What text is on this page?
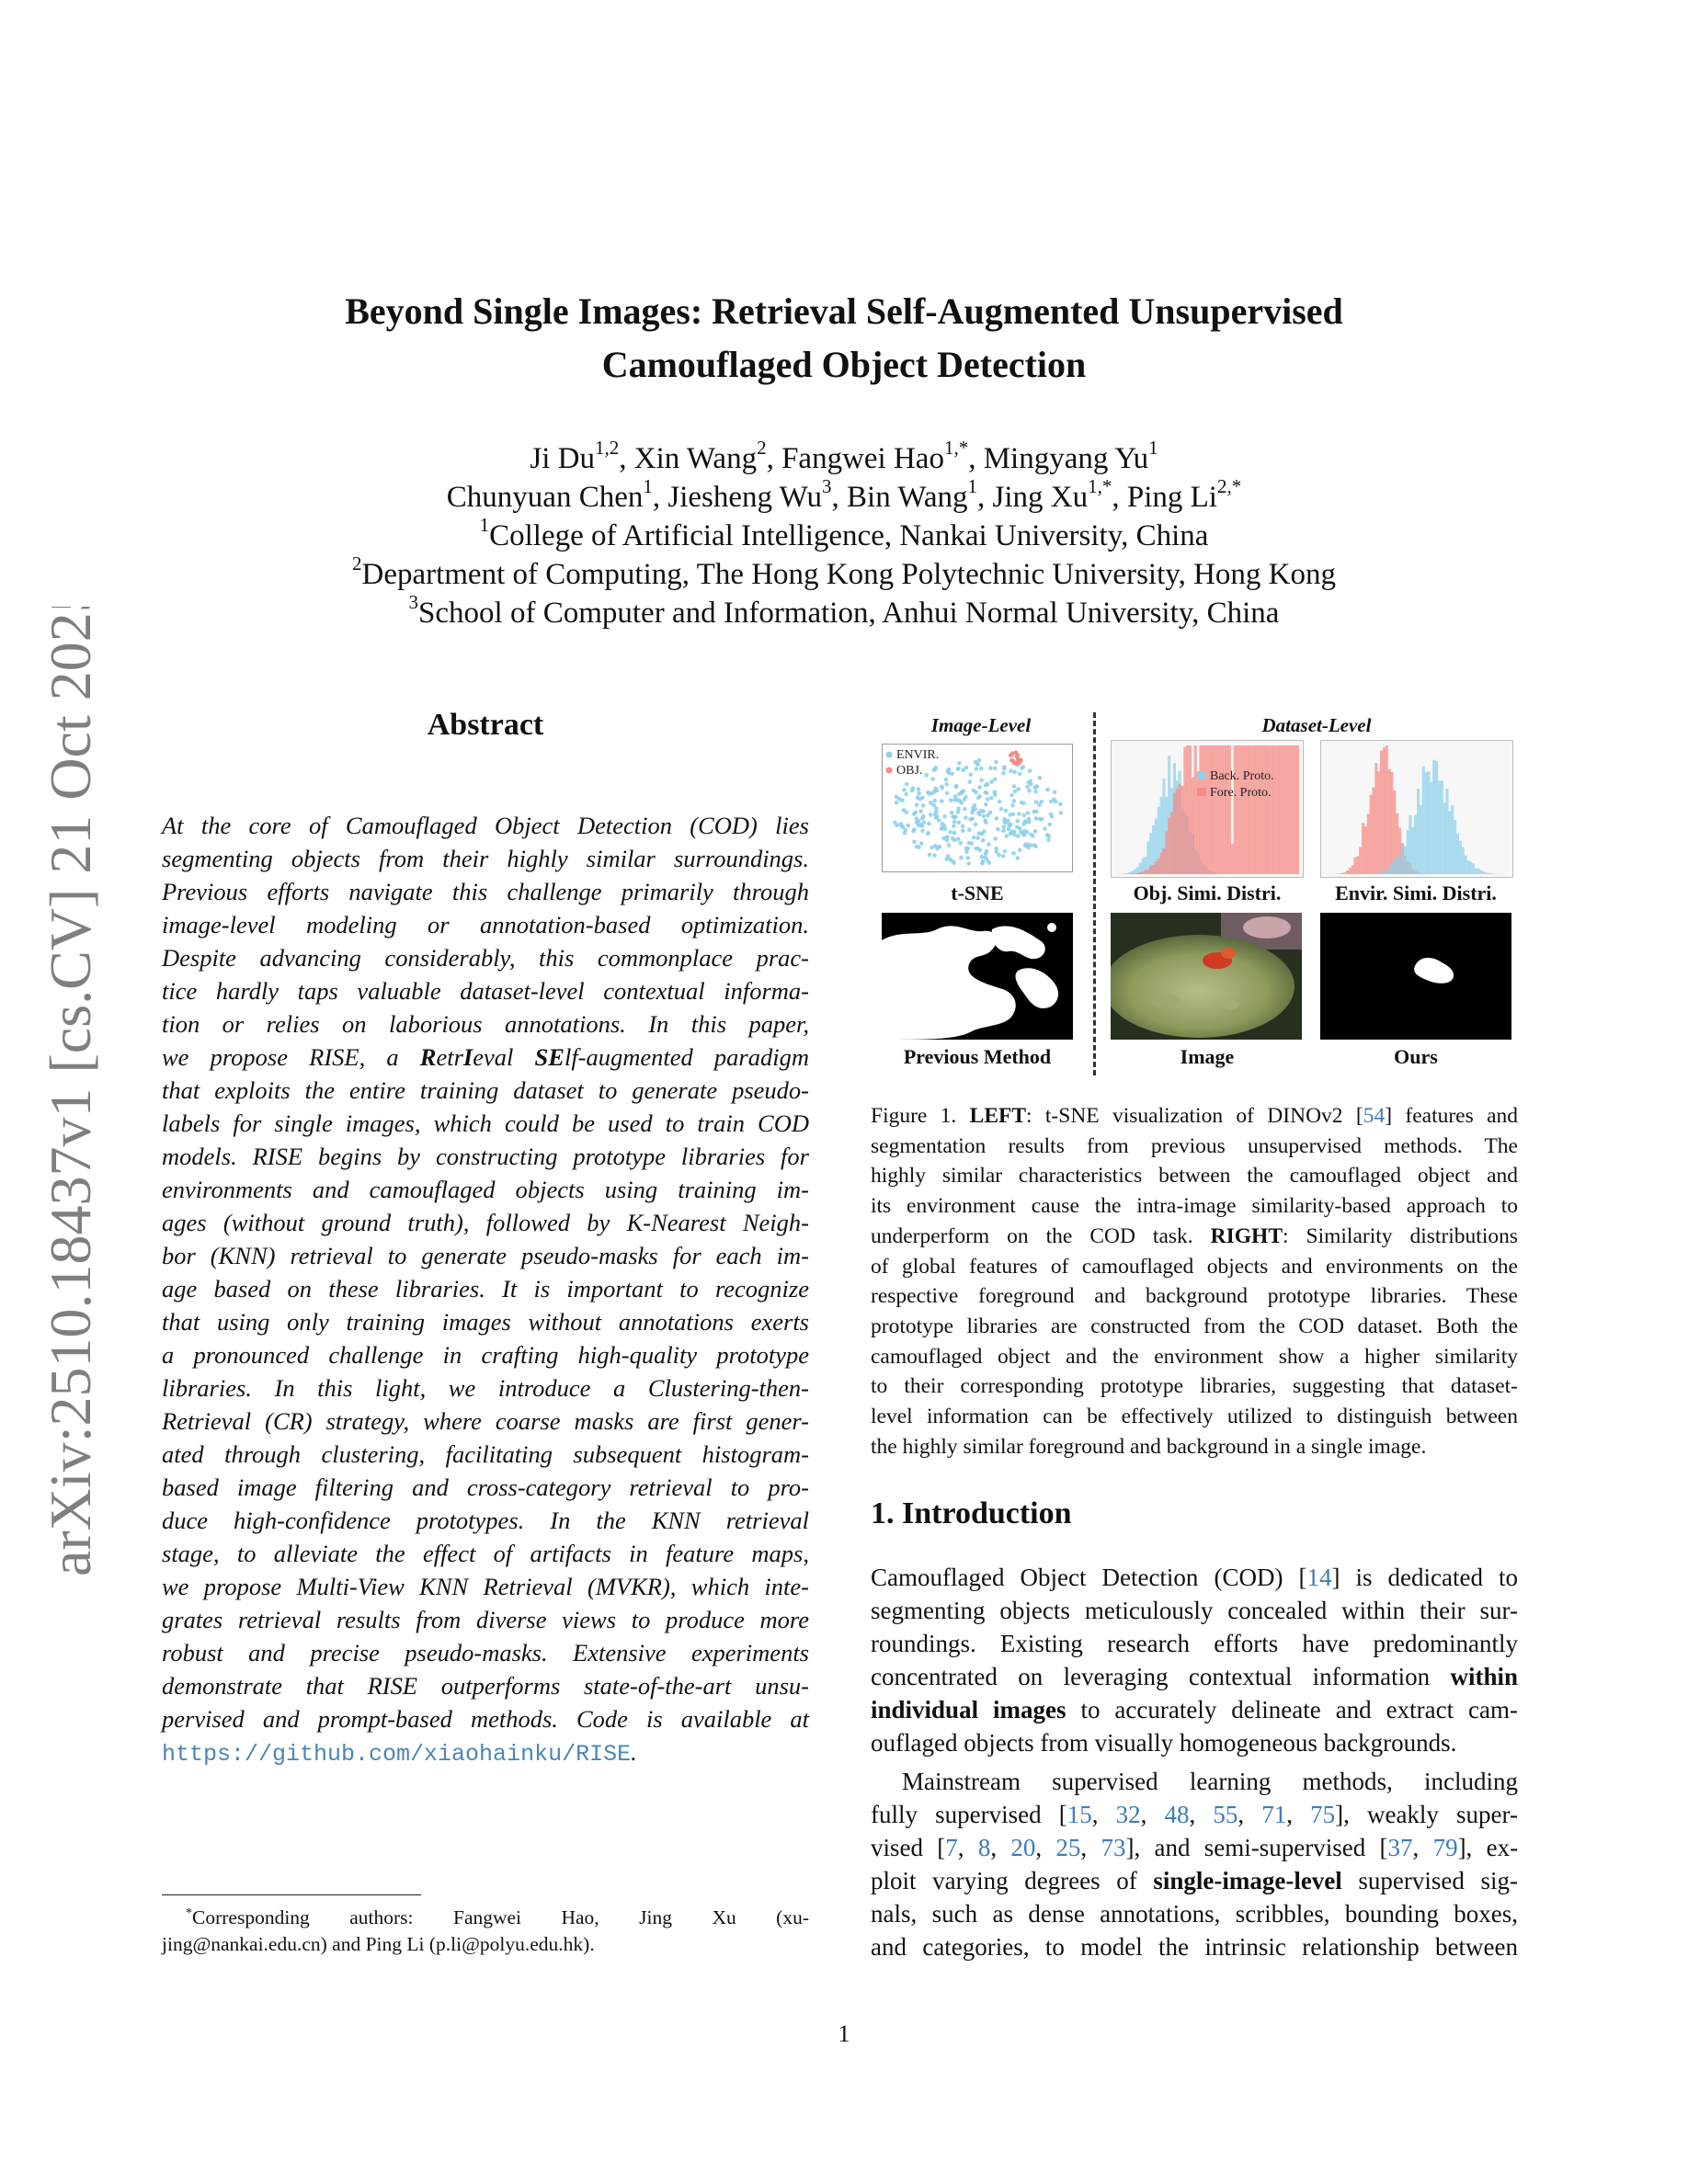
arXiv:2510.18437v1 [cs.CV] 21 Oct 2025
Beyond Single Images: Retrieval Self-Augmented Unsupervised
Camouflaged Object Detection
Ji Du$^{1,2}$, Xin Wang$^2$, Fangwei Hao$^{1,*}$, Mingyang Yu$^1$
Chunyuan Chen$^1$, Jiesheng Wu$^3$, Bin Wang$^1$, Jing $Xu^{1,*}$, Ping $Li^{2,*}$
$^1$College of Artificial Intelligence, Nankai University, China
$^2$Department of Computing, The Hong Kong Polytechnic University, Hong Kong
$^3$School of Computer and Information, Anhui Normal University, China
Abstract
At the core of Camouflaged Object Detection (COD) lies
segmenting objects from their highly similar surroundings.
Previous efforts navigate this challenge primarily through
image-level modeling or annotation-based optimization.
Despite advancing considerably, this commonplace prac-
tice hardly taps valuable dataset-level contextual informa-
tion or relies on laborious annotations. In this paper,
we propose RISE, a RetrIeval SElf-augmented paradigm
that exploits the entire training dataset to generate pseudo-
labels for single images, which could be used to train COD
models. RISE begins by constructing prototype libraries for
environments and camouflaged objects using training im-
ages (without ground truth), followed by K-Nearest Neigh-
bor (KNN) retrieval to generate pseudo-masks for each im-
age based on these libraries. It is important to recognize
that using only training images without annotations exerts
a pronounced challenge in crafting high-quality prototype
libraries. In this light, we introduce a Clustering-then-
Retrieval (CR) strategy, where coarse masks are first gener-
ated through clustering, facilitating subsequent histogram-
based image filtering and cross-category retrieval to pro-
duce high-confidence prototypes. In the KNN retrieval
stage, to alleviate the effect of artifacts in feature maps,
we propose Multi-View KNN Retrieval (MVKR), which inte-
grates retrieval results from diverse views to produce more
robust and precise pseudo-masks. Extensive experiments
demonstrate that RISE outperforms state-of-the-art unsu-
pervised and prompt-based methods. Code is available at
https://github.com/xiaohainku/RISE.
*Corresponding authors: Fangwei Hao, Jing Xu (xu-
jing@nankai.edu.cn) and Ping Li (p.li@polyu.edu.hk).
Image-Level	Dataset-Level
ENVIR.
OBJ.
t-SNE
Back. Proto.
Fore. Proto.
Obj. Simi. Distri.	Envir. Simi. Distri.
Previous Method	Image	Ours
Figure 1. LEFT: t-SNE visualization of DINOv2 [54] features and
segmentation results from previous unsupervised methods. The
highly similar characteristics between the camouflaged object and
its environment cause the intra-image similarity-based approach to
underperform on the COD task. RIGHT: Similarity distributions
of global features of camouflaged objects and environments on the
respective foreground and background prototype libraries. These
prototype libraries are constructed from the COD dataset. Both the
camouflaged object and the environment show a higher similarity
to their corresponding prototype libraries, suggesting that dataset-
level information can be effectively utilized to distinguish between
the highly similar foreground and background in a single image.
1. Introduction
Camouflaged Object Detection (COD) [14] is dedicated to
segmenting objects meticulously concealed within their sur-
roundings. Existing research efforts have predominantly
concentrated on leveraging contextual information within
individual images to accurately delineate and extract cam-
ouflaged objects from visually homogeneous backgrounds.
Mainstream supervised learning methods, including
fully supervised [15, 32, 48, 55, 71, 75], weakly super-
vised [7, 8, 20, 25, 73], and semi-supervised [37, 79], ex-
ploit varying degrees of single-image-level supervised sig-
nals, such as dense annotations, scribbles, bounding boxes,
and categories, to model the intrinsic relationship between
1
